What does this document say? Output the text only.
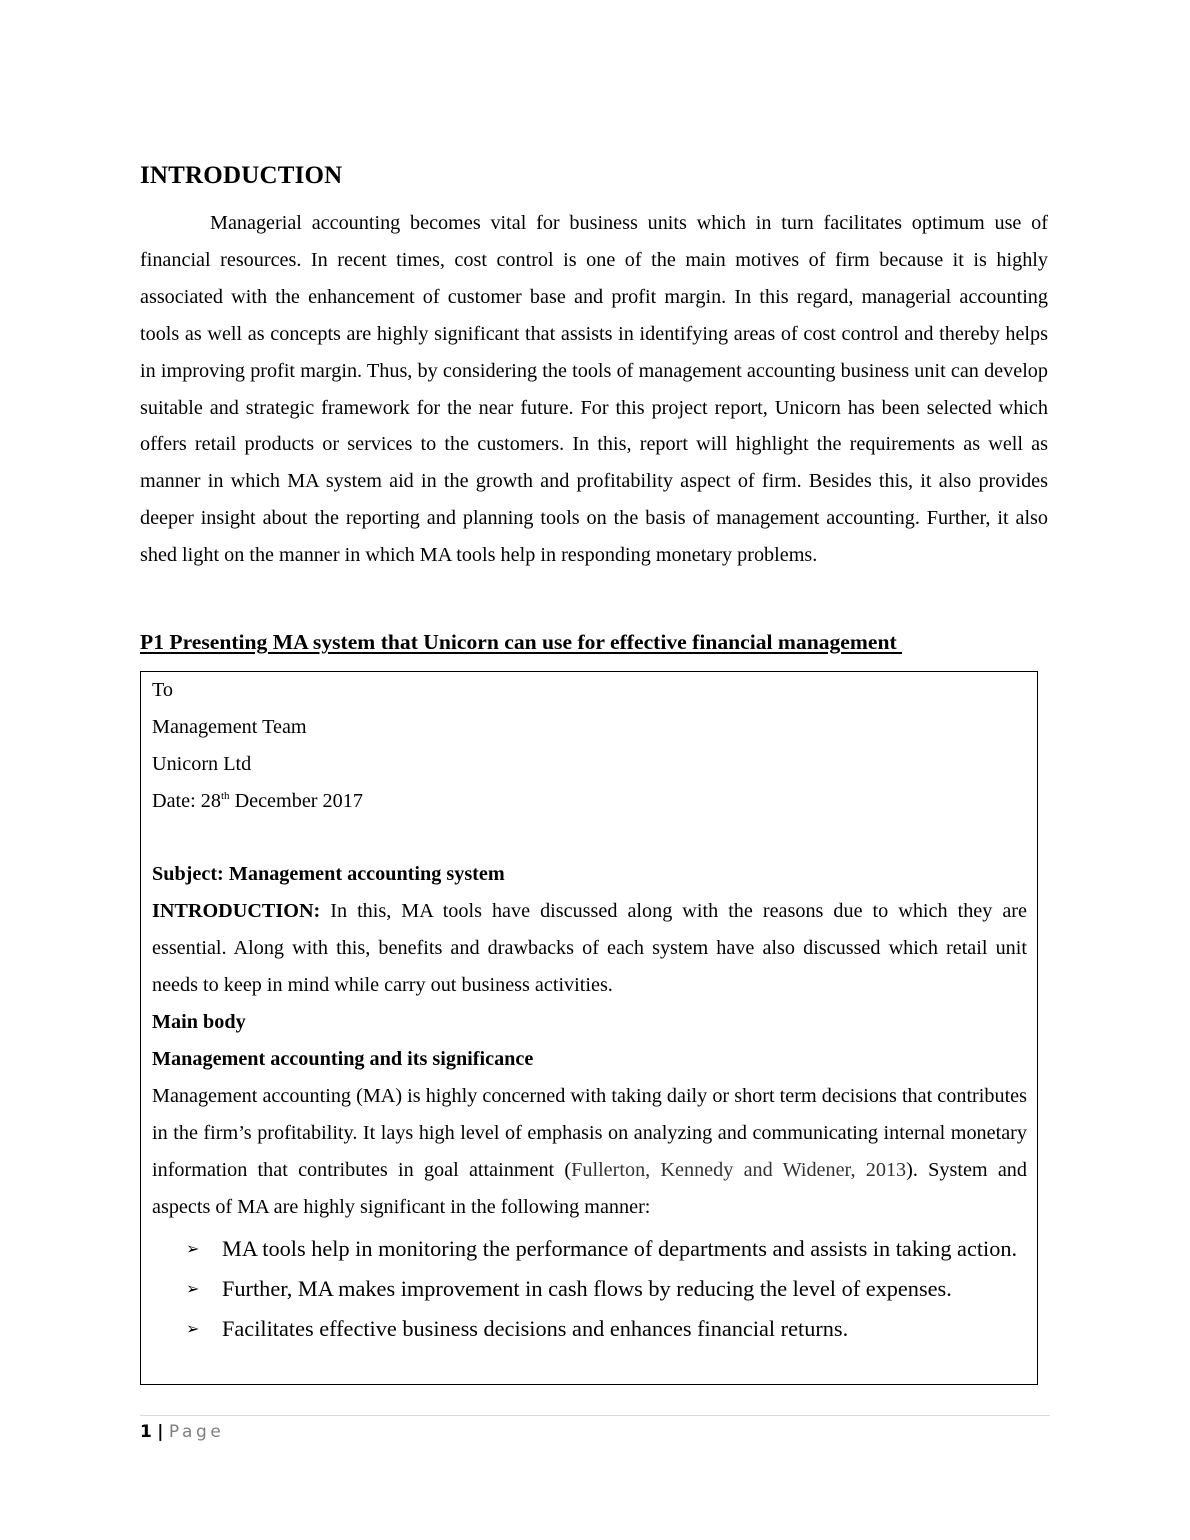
INTRODUCTION

Managerial accounting becomes vital for business units which in turn facilitates optimum use of financial resources. In recent times, cost control is one of the main motives of firm because it is highly associated with the enhancement of customer base and profit margin. In this regard, managerial accounting tools as well as concepts are highly significant that assists in identifying areas of cost control and thereby helps in improving profit margin. Thus, by considering the tools of management accounting business unit can develop suitable and strategic framework for the near future. For this project report, Unicorn has been selected which offers retail products or services to the customers. In this, report will highlight the requirements as well as manner in which MA system aid in the growth and profitability aspect of firm. Besides this, it also provides deeper insight about the reporting and planning tools on the basis of management accounting. Further, it also shed light on the manner in which MA tools help in responding monetary problems.

P1 Presenting MA system that Unicorn can use for effective financial management

To

Management Team

Unicorn Ltd

Date: 28th December 2017

Subject: Management accounting system

INTRODUCTION: In this, MA tools have discussed along with the reasons due to which they are essential. Along with this, benefits and drawbacks of each system have also discussed which retail unit needs to keep in mind while carry out business activities.

Main body

Management accounting and its significance

Management accounting (MA) is highly concerned with taking daily or short term decisions that contributes in the firm’s profitability. It lays high level of emphasis on analyzing and communicating internal monetary information that contributes in goal attainment (Fullerton, Kennedy and Widener, 2013). System and aspects of MA are highly significant in the following manner:

➢ MA tools help in monitoring the performance of departments and assists in taking action.
➢ Further, MA makes improvement in cash flows by reducing the level of expenses.
➢ Facilitates effective business decisions and enhances financial returns.
1 | Page
